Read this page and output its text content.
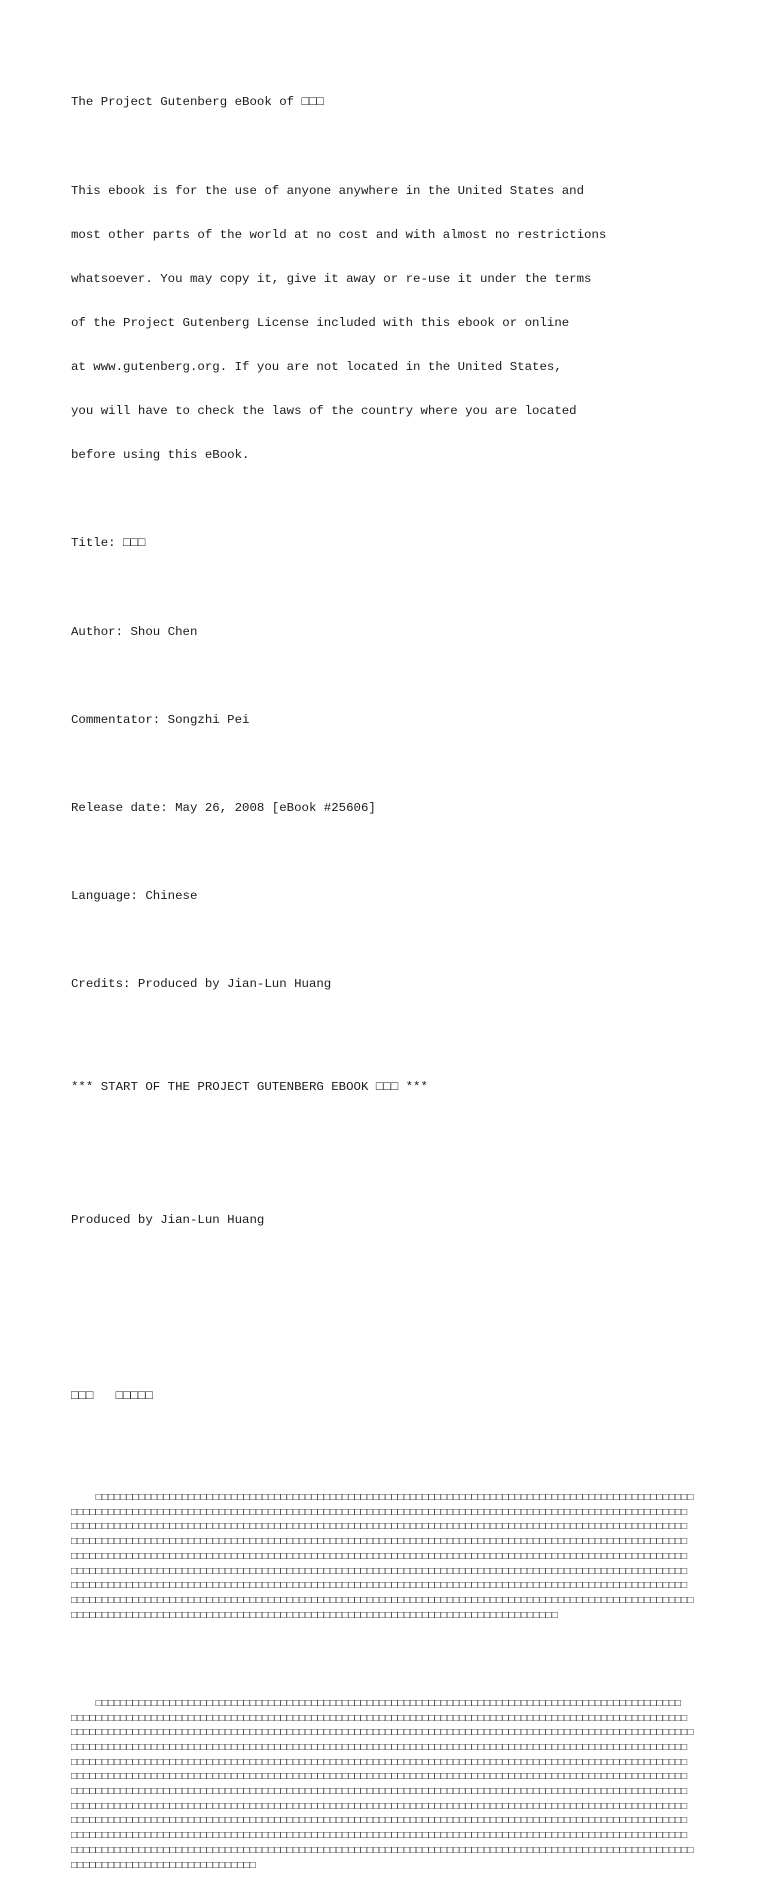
The Project Gutenberg eBook of □□□

This ebook is for the use of anyone anywhere in the United States and

most other parts of the world at no cost and with almost no restrictions

whatsoever. You may copy it, give it away or re-use it under the terms

of the Project Gutenberg License included with this ebook or online

at www.gutenberg.org. If you are not located in the United States,

you will have to check the laws of the country where you are located

before using this eBook.

Title: □□□

Author: Shou Chen

Commentator: Songzhi Pei

Release date: May 26, 2008 [eBook #25606]

Language: Chinese

Credits: Produced by Jian-Lun Huang

*** START OF THE PROJECT GUTENBERG EBOOK □□□ ***

Produced by Jian-Lun Huang

□□□   □□□□□

□□□□□□□□□□□□□□□□□□□□□□□□□□□□□□□□□□□□□□□□□□□□□□□□□□□□□□□□□□□□□□□□□□□□□□□□□□□□□□□□□□□□□□□□□□□□□□□□□
□□□□□□□□□□□□□□□□□□□□□□□□□□□□□□□□□□□□□□□□□□□□□□□□□□□□□□□□□□□□□□□□□□□□□□□□□□□□□□□□□□□□□□□□□□□□□□□□□□□□
□□□□□□□□□□□□□□□□□□□□□□□□□□□□□□□□□□□□□□□□□□□□□□□□□□□□□□□□□□□□□□□□□□□□□□□□□□□□□□□□□□□□□□□□□□□□□□□□□□□□
□□□□□□□□□□□□□□□□□□□□□□□□□□□□□□□□□□□□□□□□□□□□□□□□□□□□□□□□□□□□□□□□□□□□□□□□□□□□□□□□□□□□□□□□□□□□□□□□□□□□
□□□□□□□□□□□□□□□□□□□□□□□□□□□□□□□□□□□□□□□□□□□□□□□□□□□□□□□□□□□□□□□□□□□□□□□□□□□□□□□□□□□□□□□□□□□□□□□□□□□□
□□□□□□□□□□□□□□□□□□□□□□□□□□□□□□□□□□□□□□□□□□□□□□□□□□□□□□□□□□□□□□□□□□□□□□□□□□□□□□□□□□□□□□□□□□□□□□□□□□□□
□□□□□□□□□□□□□□□□□□□□□□□□□□□□□□□□□□□□□□□□□□□□□□□□□□□□□□□□□□□□□□□□□□□□□□□□□□□□□□□□□□□□□□□□□□□□□□□□□□□□
□□□□□□□□□□□□□□□□□□□□□□□□□□□□□□□□□□□□□□□□□□□□□□□□□□□□□□□□□□□□□□□□□□□□□□□□□□□□□□□□□□□□□□□□□□□□□□□□□□□□□
□□□□□□□□□□□□□□□□□□□□□□□□□□□□□□□□□□□□□□□□□□□□□□□□□□□□□□□□□□□□□□□□□□□□□□□□□□□□□□□

□□□□□□□□□□□□□□□□□□□□□□□□□□□□□□□□□□□□□□□□□□□□□□□□□□□□□□□□□□□□□□□□□□□□□□□□□□□□□□□□□□□□□□□□□□□□□□□
□□□□□□□□□□□□□□□□□□□□□□□□□□□□□□□□□□□□□□□□□□□□□□□□□□□□□□□□□□□□□□□□□□□□□□□□□□□□□□□□□□□□□□□□□□□□□□□□□□□□
□□□□□□□□□□□□□□□□□□□□□□□□□□□□□□□□□□□□□□□□□□□□□□□□□□□□□□□□□□□□□□□□□□□□□□□□□□□□□□□□□□□□□□□□□□□□□□□□□□□□□
□□□□□□□□□□□□□□□□□□□□□□□□□□□□□□□□□□□□□□□□□□□□□□□□□□□□□□□□□□□□□□□□□□□□□□□□□□□□□□□□□□□□□□□□□□□□□□□□□□□□
□□□□□□□□□□□□□□□□□□□□□□□□□□□□□□□□□□□□□□□□□□□□□□□□□□□□□□□□□□□□□□□□□□□□□□□□□□□□□□□□□□□□□□□□□□□□□□□□□□□□
□□□□□□□□□□□□□□□□□□□□□□□□□□□□□□□□□□□□□□□□□□□□□□□□□□□□□□□□□□□□□□□□□□□□□□□□□□□□□□□□□□□□□□□□□□□□□□□□□□□□
□□□□□□□□□□□□□□□□□□□□□□□□□□□□□□□□□□□□□□□□□□□□□□□□□□□□□□□□□□□□□□□□□□□□□□□□□□□□□□□□□□□□□□□□□□□□□□□□□□□□
□□□□□□□□□□□□□□□□□□□□□□□□□□□□□□□□□□□□□□□□□□□□□□□□□□□□□□□□□□□□□□□□□□□□□□□□□□□□□□□□□□□□□□□□□□□□□□□□□□□□
□□□□□□□□□□□□□□□□□□□□□□□□□□□□□□□□□□□□□□□□□□□□□□□□□□□□□□□□□□□□□□□□□□□□□□□□□□□□□□□□□□□□□□□□□□□□□□□□□□□□
□□□□□□□□□□□□□□□□□□□□□□□□□□□□□□□□□□□□□□□□□□□□□□□□□□□□□□□□□□□□□□□□□□□□□□□□□□□□□□□□□□□□□□□□□□□□□□□□□□□□
□□□□□□□□□□□□□□□□□□□□□□□□□□□□□□□□□□□□□□□□□□□□□□□□□□□□□□□□□□□□□□□□□□□□□□□□□□□□□□□□□□□□□□□□□□□□□□□□□□□□□
□□□□□□□□□□□□□□□□□□□□□□□□□□□□□□
